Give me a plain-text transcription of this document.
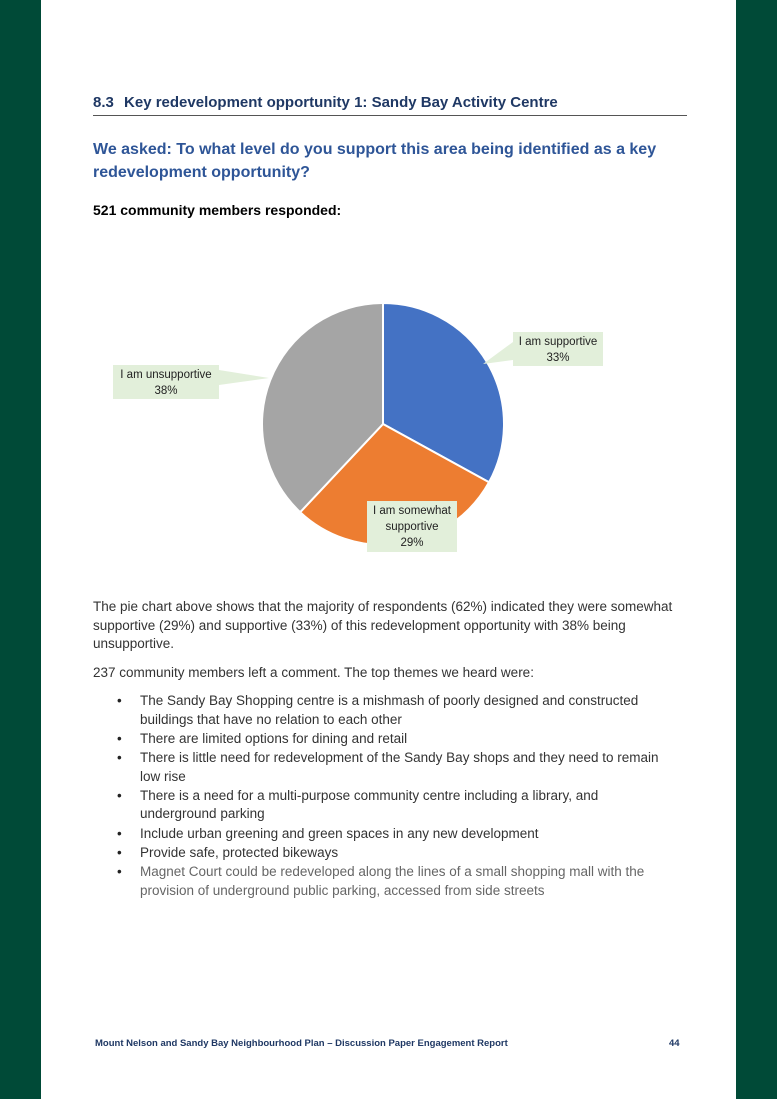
8.3 Key redevelopment opportunity 1: Sandy Bay Activity Centre
We asked: To what level do you support this area being identified as a key redevelopment opportunity?
521 community members responded:
I am supportive
33%
I am somewhat supportive
29%
I am unsupportive
38%
The pie chart above shows that the majority of respondents (62%) indicated they were somewhat supportive (29%) and supportive (33%) of this redevelopment opportunity with 38% being unsupportive.
237 community members left a comment. The top themes we heard were:
• The Sandy Bay Shopping centre is a mishmash of poorly designed and constructed buildings that have no relation to each other
• There are limited options for dining and retail
• There is little need for redevelopment of the Sandy Bay shops and they need to remain low rise
• There is a need for a multi-purpose community centre including a library, and underground parking
• Include urban greening and green spaces in any new development
• Provide safe, protected bikeways
• Magnet Court could be redeveloped along the lines of a small shopping mall with the provision of underground public parking, accessed from side streets
Mount Nelson and Sandy Bay Neighbourhood Plan – Discussion Paper Engagement Report	44
